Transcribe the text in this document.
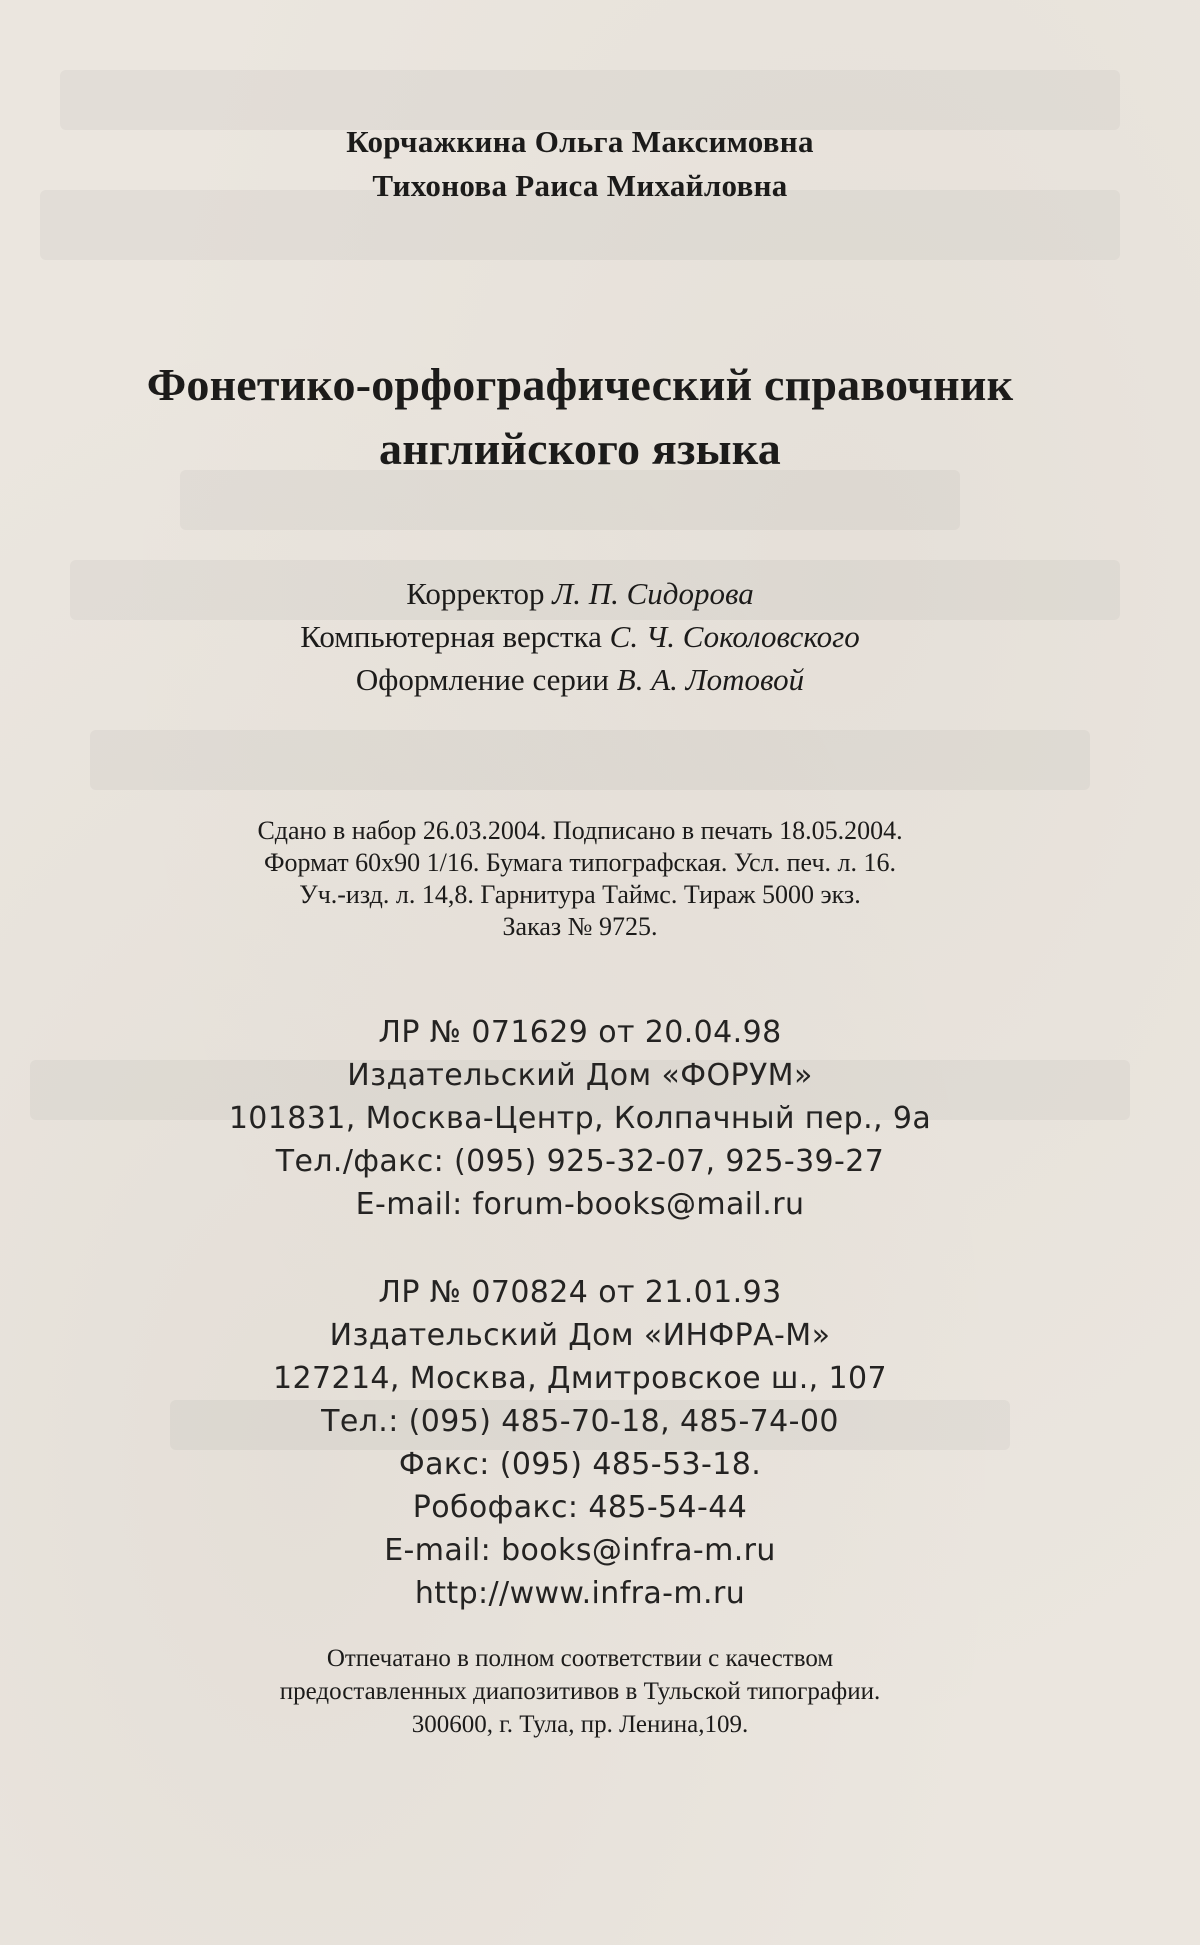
Корчажкина Ольга Максимовна
Тихонова Раиса Михайловна
Фонетико-орфографический справочник
английского языка
Корректор Л. П. Сидорова
Компьютерная верстка С. Ч. Соколовского
Оформление серии В. А. Лотовой
Сдано в набор 26.03.2004. Подписано в печать 18.05.2004.
Формат 60x90 1/16. Бумага типографская. Усл. печ. л. 16.
Уч.-изд. л. 14,8. Гарнитура Таймс. Тираж 5000 экз.
Заказ № 9725.
ЛР № 071629 от 20.04.98
Издательский Дом «ФОРУМ»
101831, Москва-Центр, Колпачный пер., 9а
Тел./факс: (095) 925-32-07, 925-39-27
E-mail: forum-books@mail.ru
ЛР № 070824 от 21.01.93
Издательский Дом «ИНФРА-М»
127214, Москва, Дмитровское ш., 107
Тел.: (095) 485-70-18, 485-74-00
Факс: (095) 485-53-18.
Робофакс: 485-54-44
E-mail: books@infra-m.ru
http://www.infra-m.ru
Отпечатано в полном соответствии с качеством
предоставленных диапозитивов в Тульской типографии.
300600, г. Тула, пр. Ленина,109.
